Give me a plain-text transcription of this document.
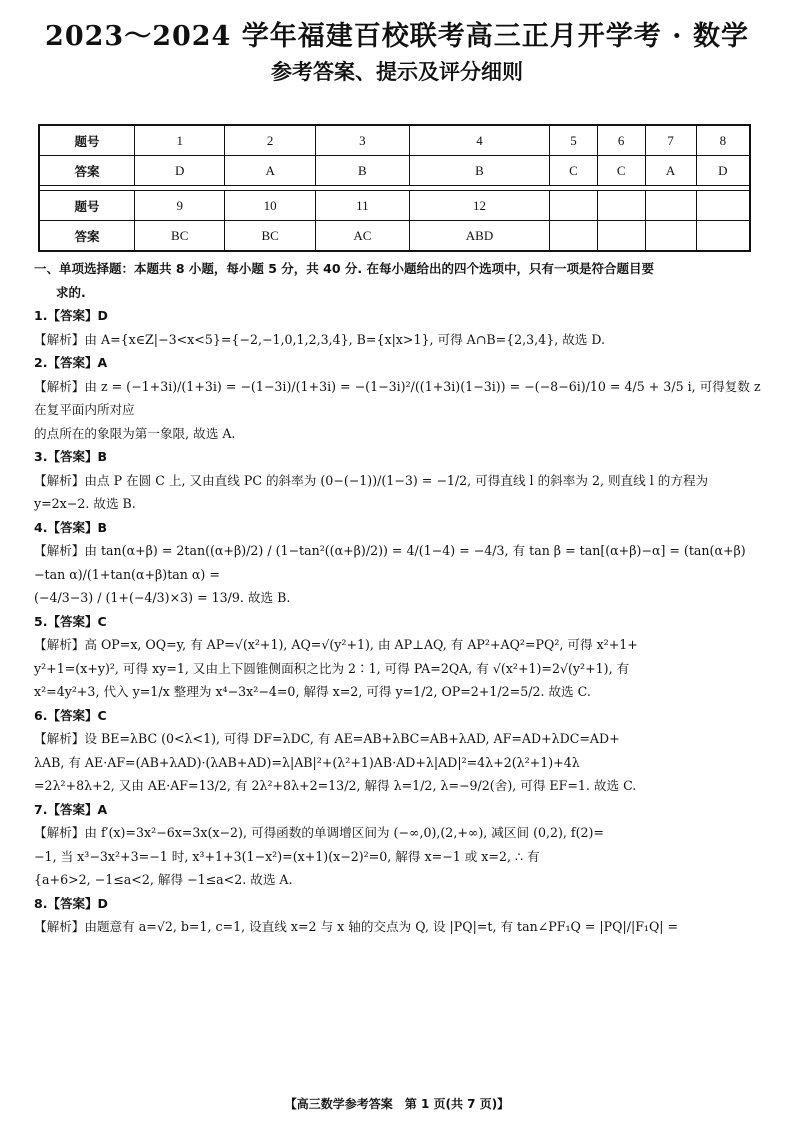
2023～2024 学年福建百校联考高三正月开学考 · 数学
参考答案、提示及评分细则
题号	1	2	3	4	5	6	7	8
答案	D	A	B	B	C	C	A	D

题号	9	10	11	12				
答案	BC	BC	AC	ABD				
一、单项选择题：本题共 8 小题，每小题 5 分，共 40 分. 在每小题给出的四个选项中，只有一项是符合题目要
求的.
1.【答案】D

【解析】由 A={x∈Z|−3<x<5}={−2,−1,0,1,2,3,4}, B={x|x>1}, 可得 A∩B={2,3,4}, 故选 D.

2.【答案】A

【解析】由 z = (−1+3i)/(1+3i) = −(1−3i)/(1+3i) = −(1−3i)²/((1+3i)(1−3i)) = −(−8−6i)/10 = 4/5 + 3/5 i, 可得复数 z 在复平面内所对应

的点所在的象限为第一象限, 故选 A.

3.【答案】B

【解析】由点 P 在圆 C 上, 又由直线 PC 的斜率为 (0−(−1))/(1−3) = −1/2, 可得直线 l 的斜率为 2, 则直线 l 的方程为

y=2x−2. 故选 B.

4.【答案】B

【解析】由 tan(α+β) = 2tan((α+β)/2) / (1−tan²((α+β)/2)) = 4/(1−4) = −4/3, 有 tan β = tan[(α+β)−α] = (tan(α+β)−tan α)/(1+tan(α+β)tan α) =

(−4/3−3) / (1+(−4/3)×3) = 13/9. 故选 B.

5.【答案】C

【解析】高 OP=x, OQ=y, 有 AP=√(x²+1), AQ=√(y²+1), 由 AP⊥AQ, 有 AP²+AQ²=PQ², 可得 x²+1+

y²+1=(x+y)², 可得 xy=1, 又由上下圆锥侧面积之比为 2∶1, 可得 PA=2QA, 有 √(x²+1)=2√(y²+1), 有

x²=4y²+3, 代入 y=1/x 整理为 x⁴−3x²−4=0, 解得 x=2, 可得 y=1/2, OP=2+1/2=5/2. 故选 C.

6.【答案】C

【解析】设 BE=λBC (0<λ<1), 可得 DF=λDC, 有 AE=AB+λBC=AB+λAD, AF=AD+λDC=AD+

λAB, 有 AE·AF=(AB+λAD)·(λAB+AD)=λ|AB|²+(λ²+1)AB·AD+λ|AD|²=4λ+2(λ²+1)+4λ

=2λ²+8λ+2, 又由 AE·AF=13/2, 有 2λ²+8λ+2=13/2, 解得 λ=1/2, λ=−9/2(舍), 可得 EF=1. 故选 C.

7.【答案】A

【解析】由 f′(x)=3x²−6x=3x(x−2), 可得函数的单调增区间为 (−∞,0),(2,+∞), 减区间 (0,2), f(2)=

−1, 当 x³−3x²+3=−1 时, x³+1+3(1−x²)=(x+1)(x−2)²=0, 解得 x=−1 或 x=2, ∴ 有

{a+6>2, −1≤a<2, 解得 −1≤a<2. 故选 A.

8.【答案】D

【解析】由题意有 a=√2, b=1, c=1, 设直线 x=2 与 x 轴的交点为 Q, 设 |PQ|=t, 有 tan∠PF₁Q = |PQ|/|F₁Q| =

【高三数学参考答案　第 1 页(共 7 页)】
